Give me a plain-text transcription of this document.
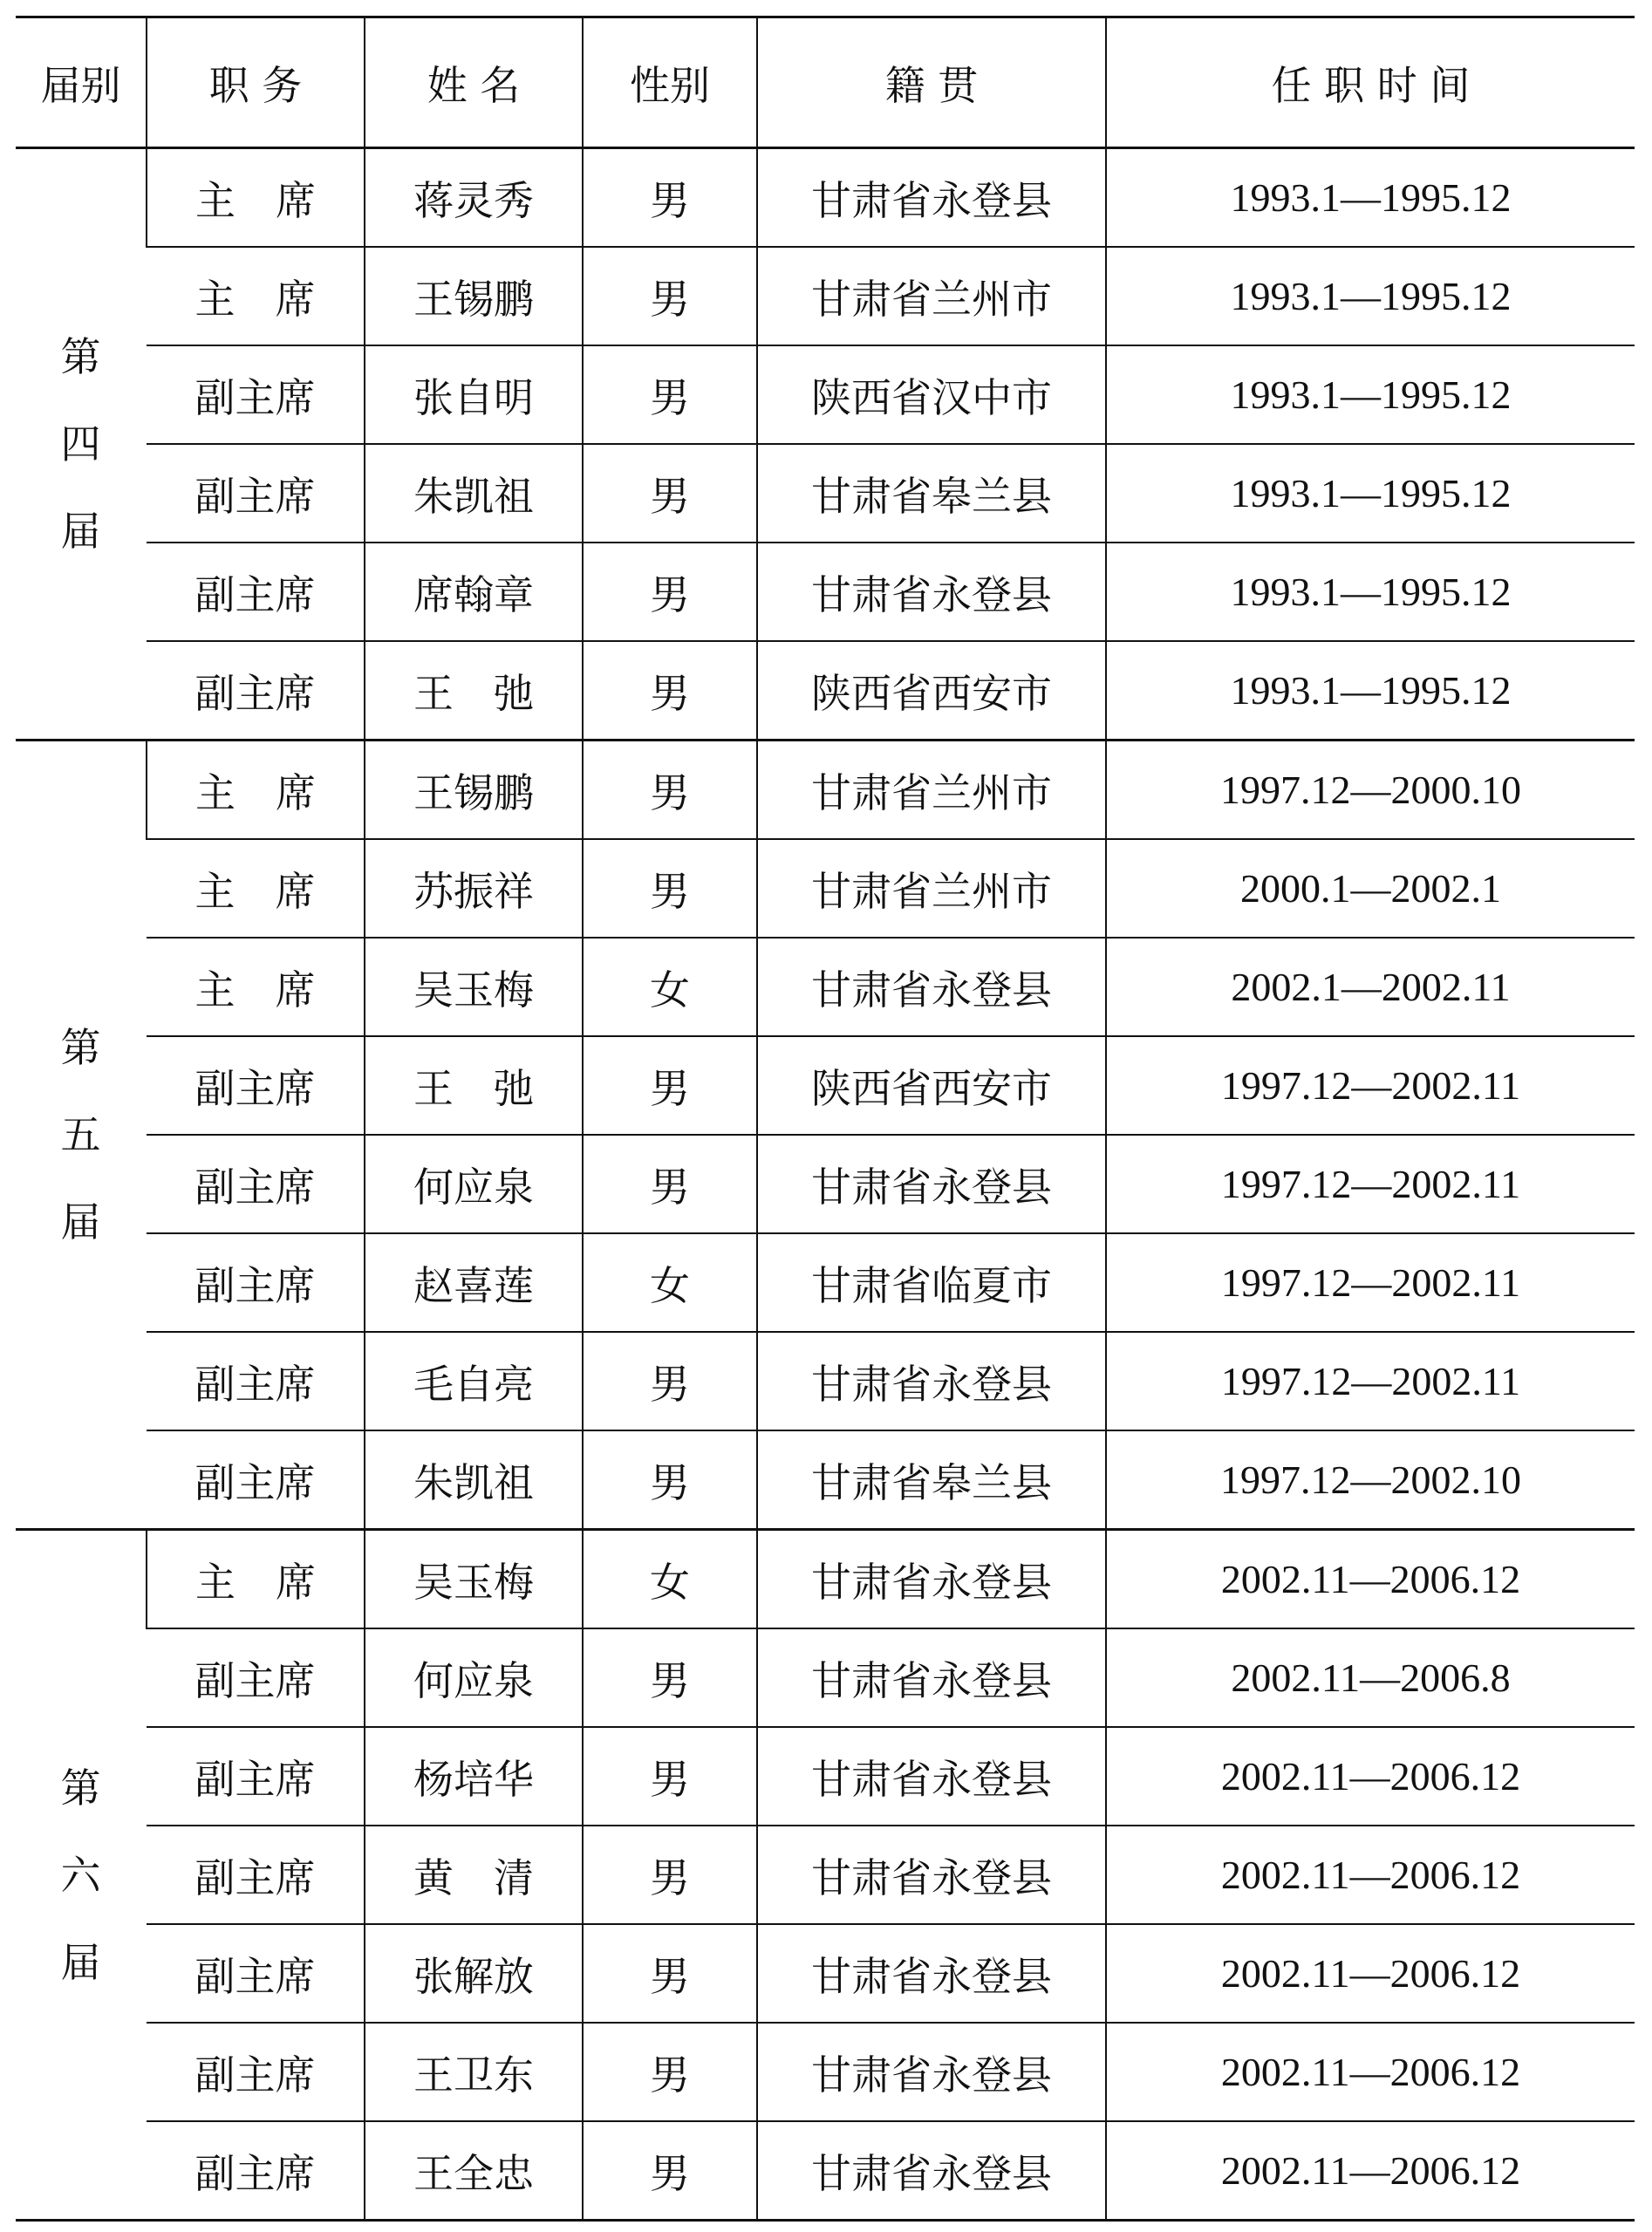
届别	职 务	姓 名	性别	籍 贯	任 职 时 间

第
四
届	主　席	蒋灵秀	男	甘肃省永登县	1993.1—1995.12
	主　席	王锡鹏	男	甘肃省兰州市	1993.1—1995.12
	副主席	张自明	男	陕西省汉中市	1993.1—1995.12
	副主席	朱凯祖	男	甘肃省皋兰县	1993.1—1995.12
	副主席	席翰章	男	甘肃省永登县	1993.1—1995.12
	副主席	王　弛	男	陕西省西安市	1993.1—1995.12

第
五
届	主　席	王锡鹏	男	甘肃省兰州市	1997.12—2000.10
	主　席	苏振祥	男	甘肃省兰州市	2000.1—2002.1
	主　席	吴玉梅	女	甘肃省永登县	2002.1—2002.11
	副主席	王　弛	男	陕西省西安市	1997.12—2002.11
	副主席	何应泉	男	甘肃省永登县	1997.12—2002.11
	副主席	赵喜莲	女	甘肃省临夏市	1997.12—2002.11
	副主席	毛自亮	男	甘肃省永登县	1997.12—2002.11
	副主席	朱凯祖	男	甘肃省皋兰县	1997.12—2002.10

第
六
届	主　席	吴玉梅	女	甘肃省永登县	2002.11—2006.12
	副主席	何应泉	男	甘肃省永登县	2002.11—2006.8
	副主席	杨培华	男	甘肃省永登县	2002.11—2006.12
	副主席	黄　清	男	甘肃省永登县	2002.11—2006.12
	副主席	张解放	男	甘肃省永登县	2002.11—2006.12
	副主席	王卫东	男	甘肃省永登县	2002.11—2006.12
	副主席	王全忠	男	甘肃省永登县	2002.11—2006.12
